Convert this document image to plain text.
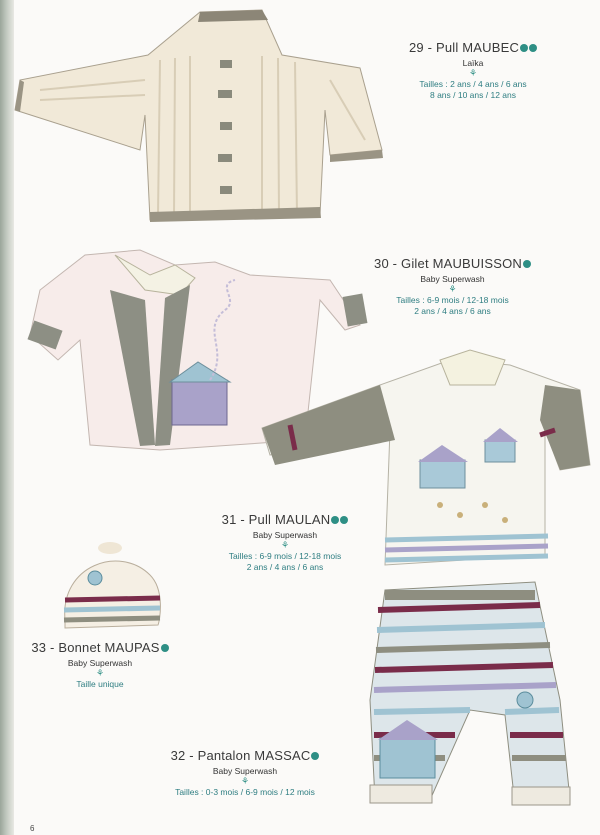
29 - Pull MAUBEC
Laïka
⚘
Tailles : 2 ans / 4 ans / 6 ans
8 ans / 10 ans / 12 ans
30 - Gilet MAUBUISSON
Baby Superwash
⚘
Tailles : 6-9 mois / 12-18 mois
2 ans / 4 ans / 6 ans
31 - Pull MAULAN
Baby Superwash
⚘
Tailles : 6-9 mois / 12-18 mois
2 ans / 4 ans / 6 ans
33 - Bonnet MAUPAS
Baby Superwash
⚘
Taille unique
32 - Pantalon MASSAC
Baby Superwash
⚘
Tailles : 0-3 mois / 6-9 mois / 12 mois
6
